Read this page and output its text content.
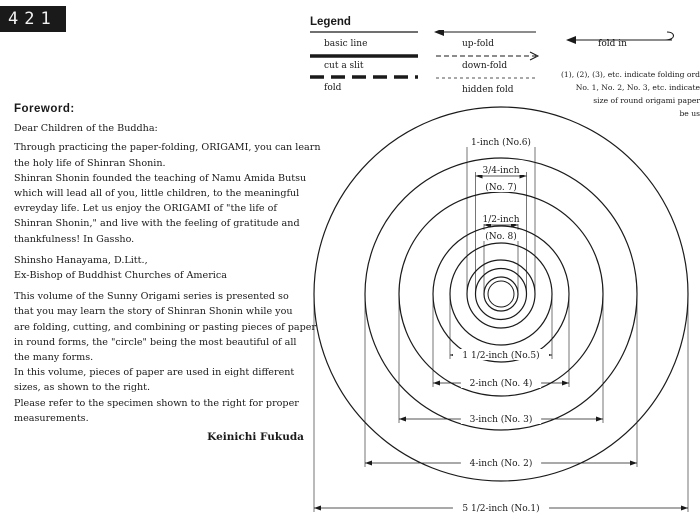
421
Foreword:

Dear Children of the Buddha:

Through practicing the paper-folding, ORIGAMI, you can learn
the holy life of Shinran Shonin.
Shinran Shonin founded the teaching of Namu Amida Butsu
which will lead all of you, little children, to the meaningful
evreyday life. Let us enjoy the ORIGAMI of "the life of
Shinran Shonin," and live with the feeling of gratitude and
thankfulness! In Gassho.

Shinsho Hanayama, D.Litt.,
Ex-Bishop of Buddhist Churches of America

This volume of the Sunny Origami series is presented so
that you may learn the story of Shinran Shonin while you
are folding, cutting, and combining or pasting pieces of paper
in round forms, the "circle" being the most beautiful of all
the many forms.
In this volume, pieces of paper are used in eight different
sizes, as shown to the right.
Please refer to the specimen shown to the right for proper
measurements.

Keinichi Fukuda
Legend
basic line
cut a slit
fold
up-fold
down-fold
hidden fold
fold in
(1), (2), (3), etc. indicate folding ord
No. 1, No. 2, No. 3, etc. indicate
size of round origami paper
be us
5 1/2-inch (No.1)
4-inch (No. 2)
3-inch (No. 3)
2-inch (No. 4)
1 1/2-inch (No.5)
1-inch (No.6)
3/4-inch
(No. 7)
1/2-inch
(No. 8)
